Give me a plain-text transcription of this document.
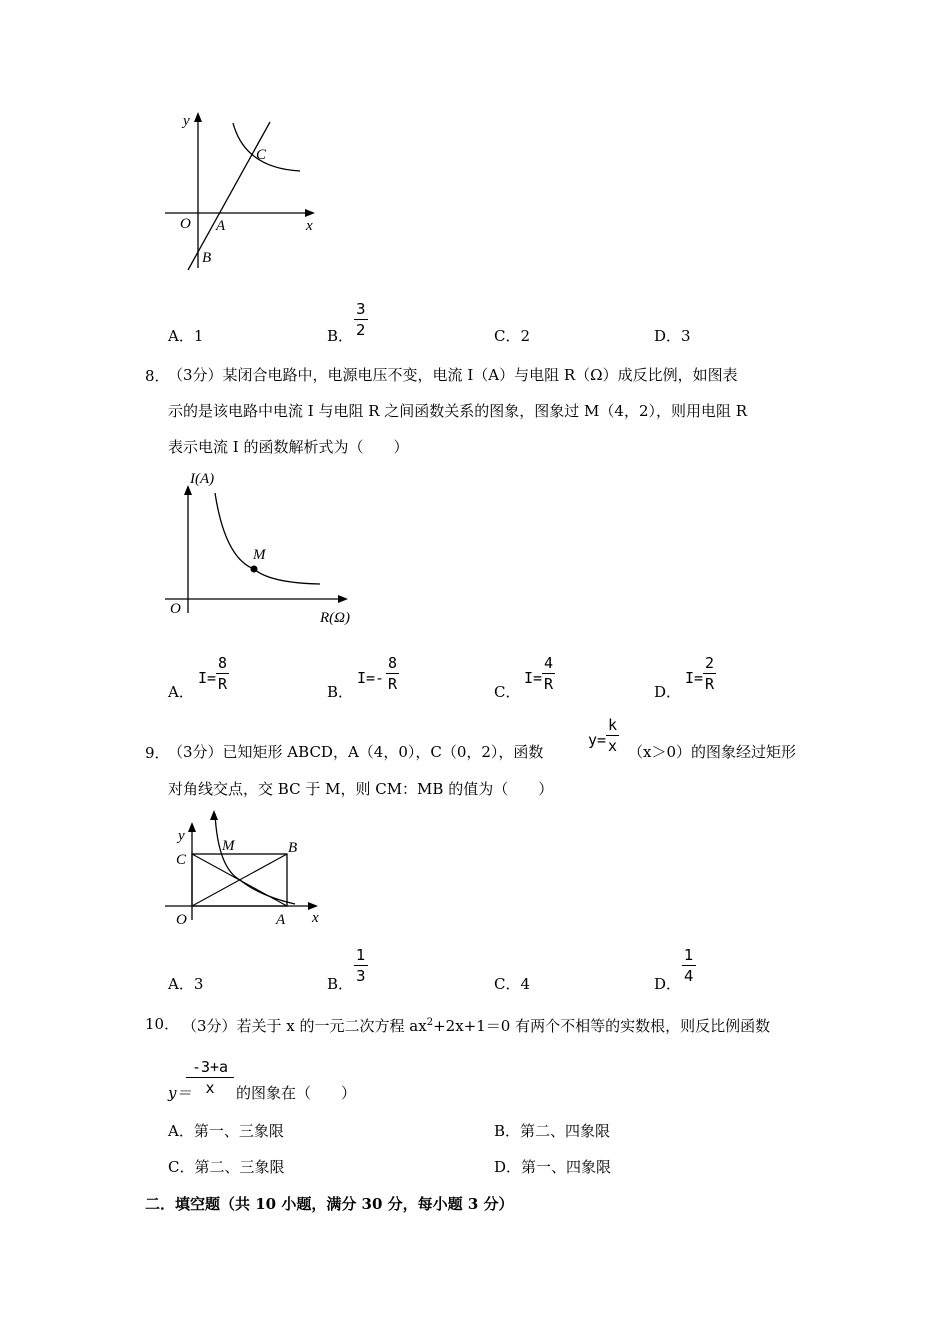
y
x
O A
B
C
A．1	B．
3
2	C．2	D．3
8．
（3分）某闭合电路中，电源电压不变，电流 I（A）与电阻 R（Ω）成反比例，如图表
示的是该电路中电流 I 与电阻 R 之间函数关系的图象，图象过 M（4，2），则用电阻 R
表示电流 I 的函数解析式为（　　）
I(A)
R(Ω)
O
M
A．
I=
8
R	B．
I=-
8
R	C．
I=
4
R	D．
I=
2
R
9．
（3分）已知矩形 ABCD，A（4，0），C（0，2），函数
y=
k
x （x＞0）的图象经过矩形
对角线交点，交 BC 于 M，则 CM：MB 的值为（　　）
y
x
O	A
B
C
M
A．3	B．
1
3	C．4	D．
1
4
10． （3分）若关于 x 的一元二次方程 $ax^2+2x+1=0$ 有两个不相等的实数根，则反比例函数
y＝
-3+a
x	的图象在（　　）
A．第一、三象限	B．第二、四象限
C．第二、三象限	D．第一、四象限
二．填空题（共 10 小题，满分 30 分，每小题 3 分）
